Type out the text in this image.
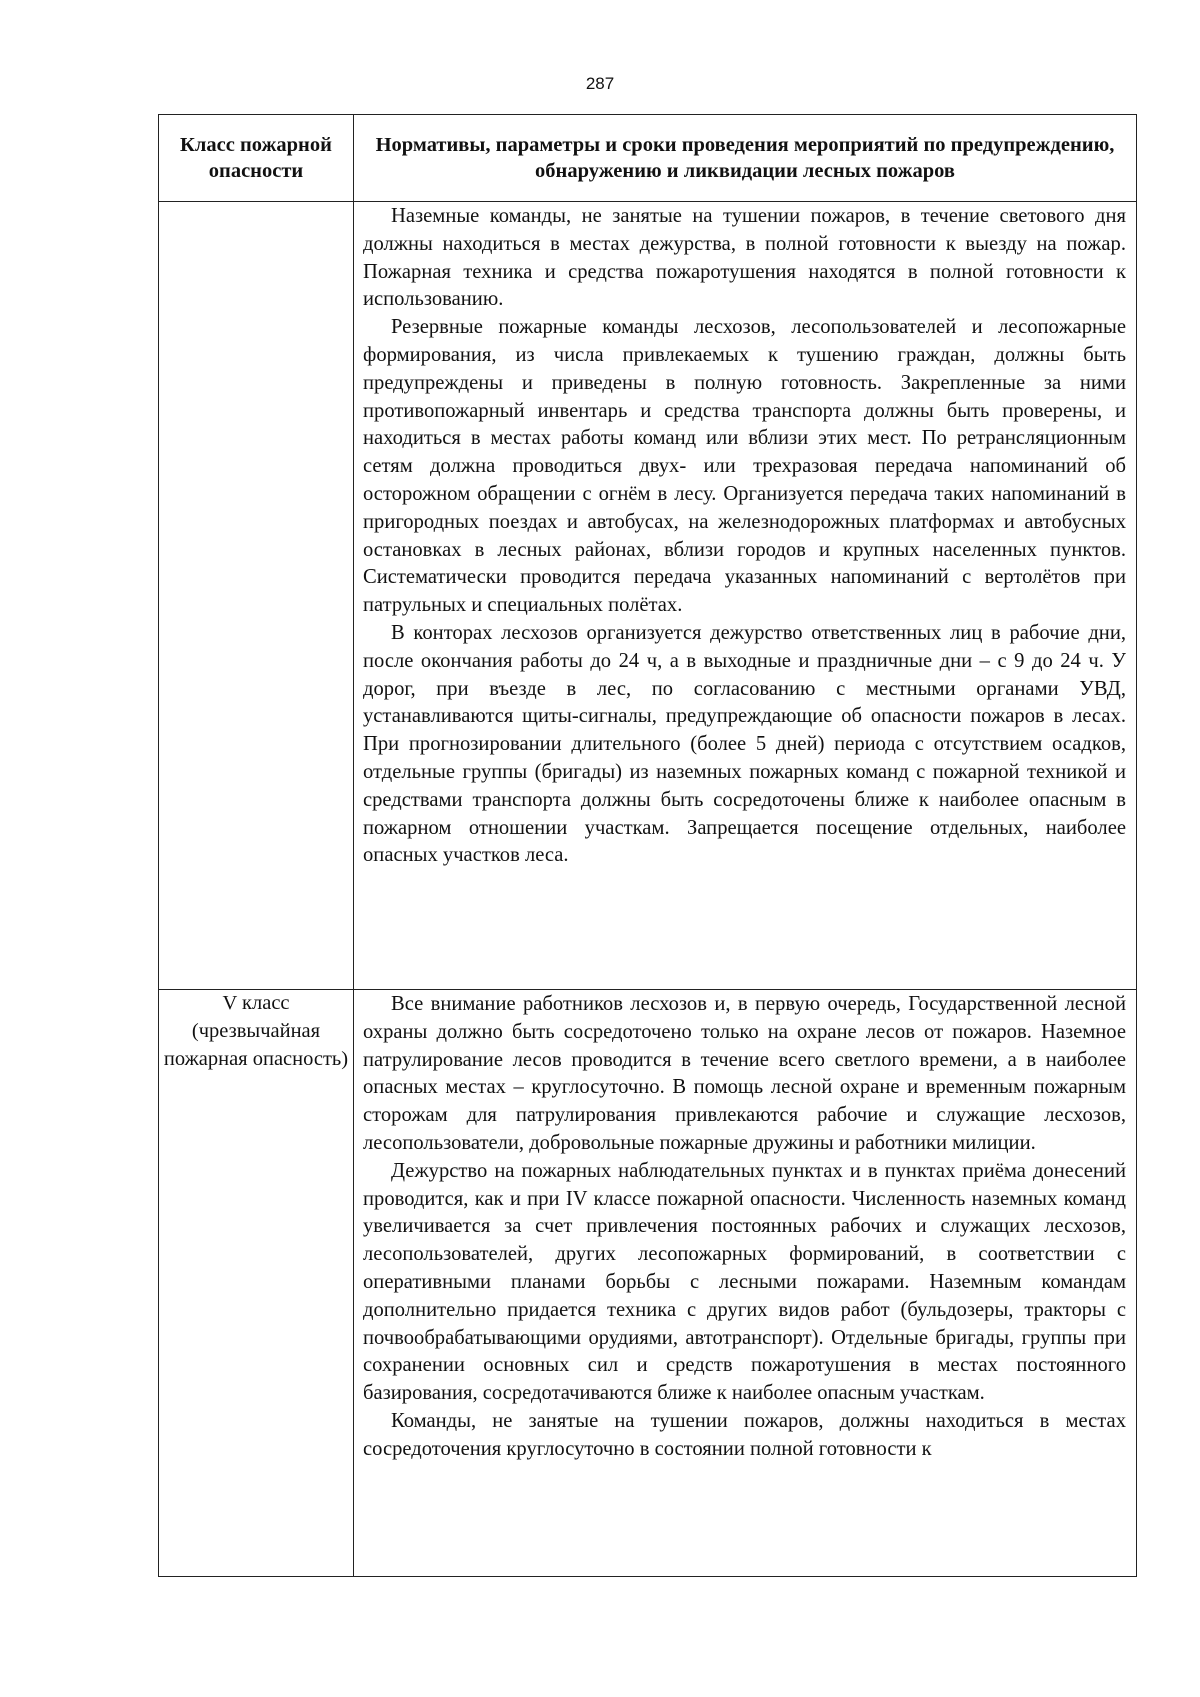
287
Класс пожарной опасности	Нормативы, параметры и сроки проведения мероприятий по предупреждению, обнаружению и ликвидации лесных пожаров

	Наземные команды, не занятые на тушении пожаров, в течение светового дня должны находиться в местах дежурства, в полной готовности к выезду на пожар. Пожарная техника и средства пожаротушения находятся в полной готовности к использованию.

Резервные пожарные команды лесхозов, лесопользователей и лесопожарные формирования, из числа привлекаемых к тушению граждан, должны быть предупреждены и приведены в полную готовность. Закрепленные за ними противопожарный инвентарь и средства транспорта должны быть проверены, и находиться в местах работы команд или вблизи этих мест. По ретрансляционным сетям должна проводиться двух- или трехразовая передача напоминаний об осторожном обращении с огнём в лесу. Организуется передача таких напоминаний в пригородных поездах и автобусах, на железнодорожных платформах и автобусных остановках в лесных районах, вблизи городов и крупных населенных пунктов. Систематически проводится передача указанных напоминаний с вертолётов при патрульных и специальных полётах.

В конторах лесхозов организуется дежурство ответственных лиц в рабочие дни, после окончания работы до 24 ч, а в выходные и праздничные дни – с 9 до 24 ч. У дорог, при въезде в лес, по согласованию с местными органами УВД, устанавливаются щиты-сигналы, предупреждающие об опасности пожаров в лесах. При прогнозировании длительного (более 5 дней) периода с отсутствием осадков, отдельные группы (бригады) из наземных пожарных команд с пожарной техникой и средствами транспорта должны быть сосредоточены ближе к наиболее опасным в пожарном отношении участкам. Запрещается посещение отдельных, наиболее опасных участков леса.

V класс (чрезвычайная пожарная опасность)	Все внимание работников лесхозов и, в первую очередь, Государственной лесной охраны должно быть сосредоточено только на охране лесов от пожаров. Наземное патрулирование лесов проводится в течение всего светлого времени, а в наиболее опасных местах – круглосуточно. В помощь лесной охране и временным пожарным сторожам для патрулирования привлекаются рабочие и служащие лесхозов, лесопользователи, добровольные пожарные дружины и работники милиции.

Дежурство на пожарных наблюдательных пунктах и в пунктах приёма донесений проводится, как и при IV классе пожарной опасности. Численность наземных команд увеличивается за счет привлечения постоянных рабочих и служащих лесхозов, лесопользователей, других лесопожарных формирований, в соответствии с оперативными планами борьбы с лесными пожарами. Наземным командам дополнительно придается техника с других видов работ (бульдозеры, тракторы с почвообрабатывающими орудиями, автотранспорт). Отдельные бригады, группы при сохранении основных сил и средств пожаротушения в местах постоянного базирования, сосредотачиваются ближе к наиболее опасным участкам.

Команды, не занятые на тушении пожаров, должны находиться в местах сосредоточения круглосуточно в состоянии полной готовности к
